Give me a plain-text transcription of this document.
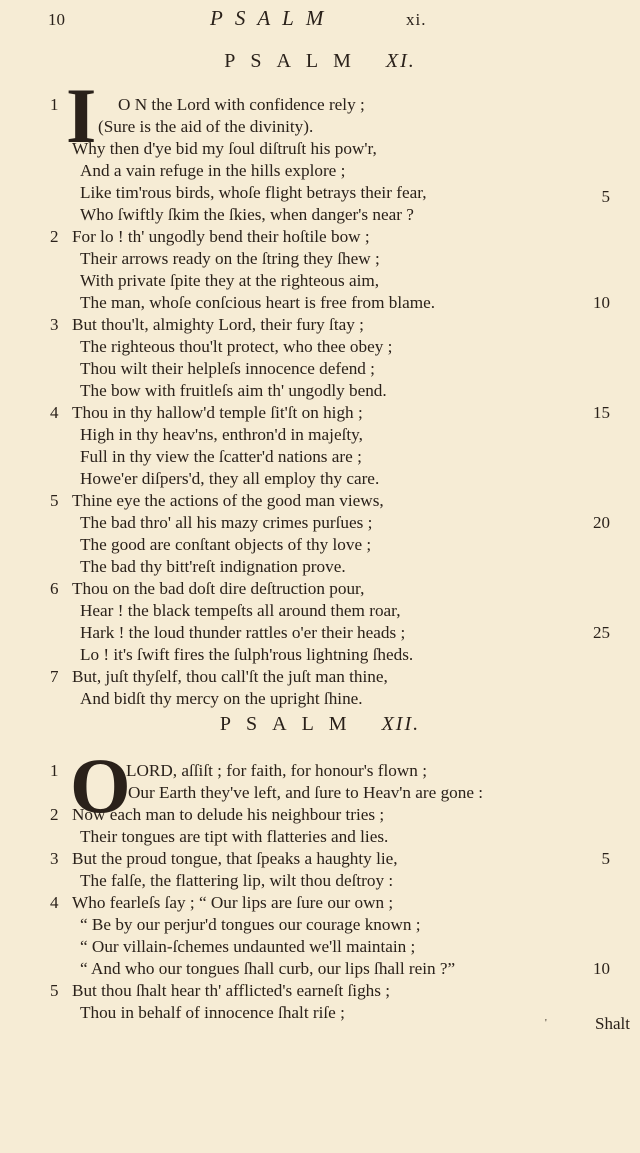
10	PSALM	xi.
PSALM XI.
I
1	O N the Lord with confidence rely ;
(Sure is the aid of the divinity).
Why then d'ye bid my ſoul diſtruſt his pow'r,
And a vain refuge in the hills explore ;
Like tim'rous birds, whoſe flight betrays their fear,	5
Who ſwiftly ſkim the ſkies, when danger's near ?
2 For lo ! th' ungodly bend their hoſtile bow ;
Their arrows ready on the ſtring they ſhew ;
With private ſpite they at the righteous aim,
The man, whoſe conſcious heart is free from blame.	10
3 But thou'lt, almighty Lord, their fury ſtay ;
The righteous thou'lt protect, who thee obey ;
Thou wilt their helpleſs innocence defend ;
The bow with fruitleſs aim th' ungodly bend.
4 Thou in thy hallow'd temple ſit'ſt on high ;	15
High in thy heav'ns, enthron'd in majeſty,
Full in thy view the ſcatter'd nations are ;
Howe'er diſpers'd, they all employ thy care.
5 Thine eye the actions of the good man views,
The bad thro' all his mazy crimes purſues ;	20
The good are conſtant objects of thy love ;
The bad thy bitt'reſt indignation prove.
6 Thou on the bad doſt dire deſtruction pour,
Hear ! the black tempeſts all around them roar,
Hark ! the loud thunder rattles o'er their heads ;	25
Lo ! it's ſwift fires the ſulph'rous lightning ſheds.
7 But, juſt thyſelf, thou call'ſt the juſt man thine,
And bidſt thy mercy on the upright ſhine.
PSALM XII.
O
1	LORD, aſſiſt ; for faith, for honour's flown ;
Our Earth they've left, and ſure to Heav'n are gone :
2 Now each man to delude his neighbour tries ;
Their tongues are tipt with flatteries and lies.
3 But the proud tongue, that ſpeaks a haughty lie,	5
The falſe, the flattering lip, wilt thou deſtroy :
4 Who fearleſs ſay ; “ Our lips are ſure our own ;
“ Be by our perjur'd tongues our courage known ;
“ Our villain-ſchemes undaunted we'll maintain ;
“ And who our tongues ſhall curb, our lips ſhall rein ?”	10
5 But thou ſhalt hear th' afflicted's earneſt ſighs ;
Thou in behalf of innocence ſhalt riſe ;
'	Shalt
